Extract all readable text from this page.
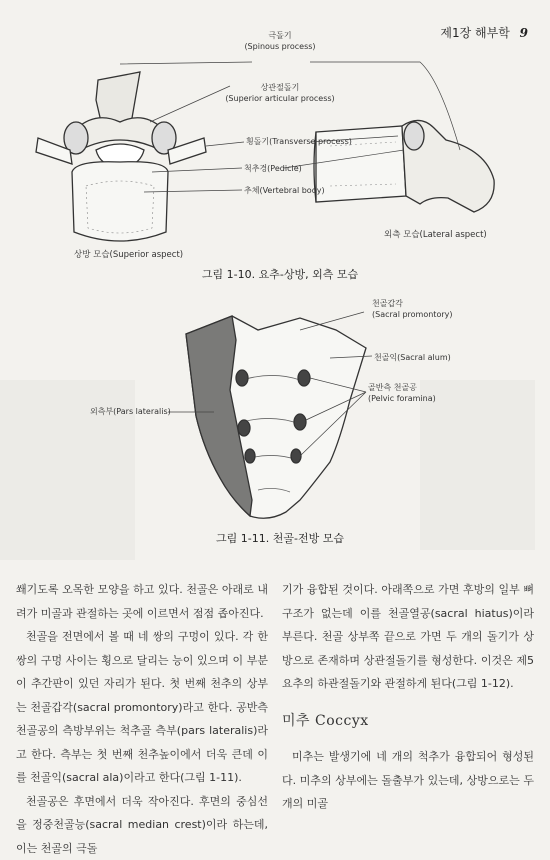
제1장 해부학 9
극돌기
(Spinous process)
상관절돌기
(Superior articular process)
횡돌기(Transverse process)
척추경(Pedicle)
추체(Vertebral body)
상방 모습(Superior aspect)
외측 모습(Lateral aspect)
그림 1-10. 요추-상방, 외측 모습
천골갑각
(Sacral promontory)
천골익(Sacral alum)
골반측 천골공
(Pelvic foramina)
외측부(Pars lateralis)
그림 1-11. 천골-전방 모습

쐐기도록 오목한 모양을 하고 있다. 천골은 아래로 내려가 미골과 관절하는 곳에 이르면서 점점 좁아진다.

천골을 전면에서 볼 때 네 쌍의 구멍이 있다. 각 한 쌍의 구멍 사이는 횡으로 달리는 능이 있으며 이 부분이 추간판이 있던 자리가 된다. 첫 번째 천추의 상부는 천골갑각(sacral promontory)라고 한다. 공반측 천골공의 측방부위는 척추골 측부(pars lateralis)라고 한다. 측부는 첫 번째 천추높이에서 더욱 큰데 이를 천골익(sacral ala)이라고 한다(그림 1-11).

천골공은 후면에서 더욱 작아진다. 후면의 중심선을 정중천골능(sacral median crest)이라 하는데, 이는 천골의 극돌

기가 융합된 것이다. 아래쪽으로 가면 후방의 일부 뼈 구조가 없는데 이를 천골열공(sacral hiatus)이라 부른다. 천골 상부쪽 끝으로 가면 두 개의 돌기가 상방으로 존재하며 상관절돌기를 형성한다. 이것은 제5요추의 하관절돌기와 관절하게 된다(그림 1-12).

미추 Coccyx

미추는 발생기에 네 개의 척추가 융합되어 형성된다. 미추의 상부에는 돌출부가 있는데, 상방으로는 두 개의 미골
